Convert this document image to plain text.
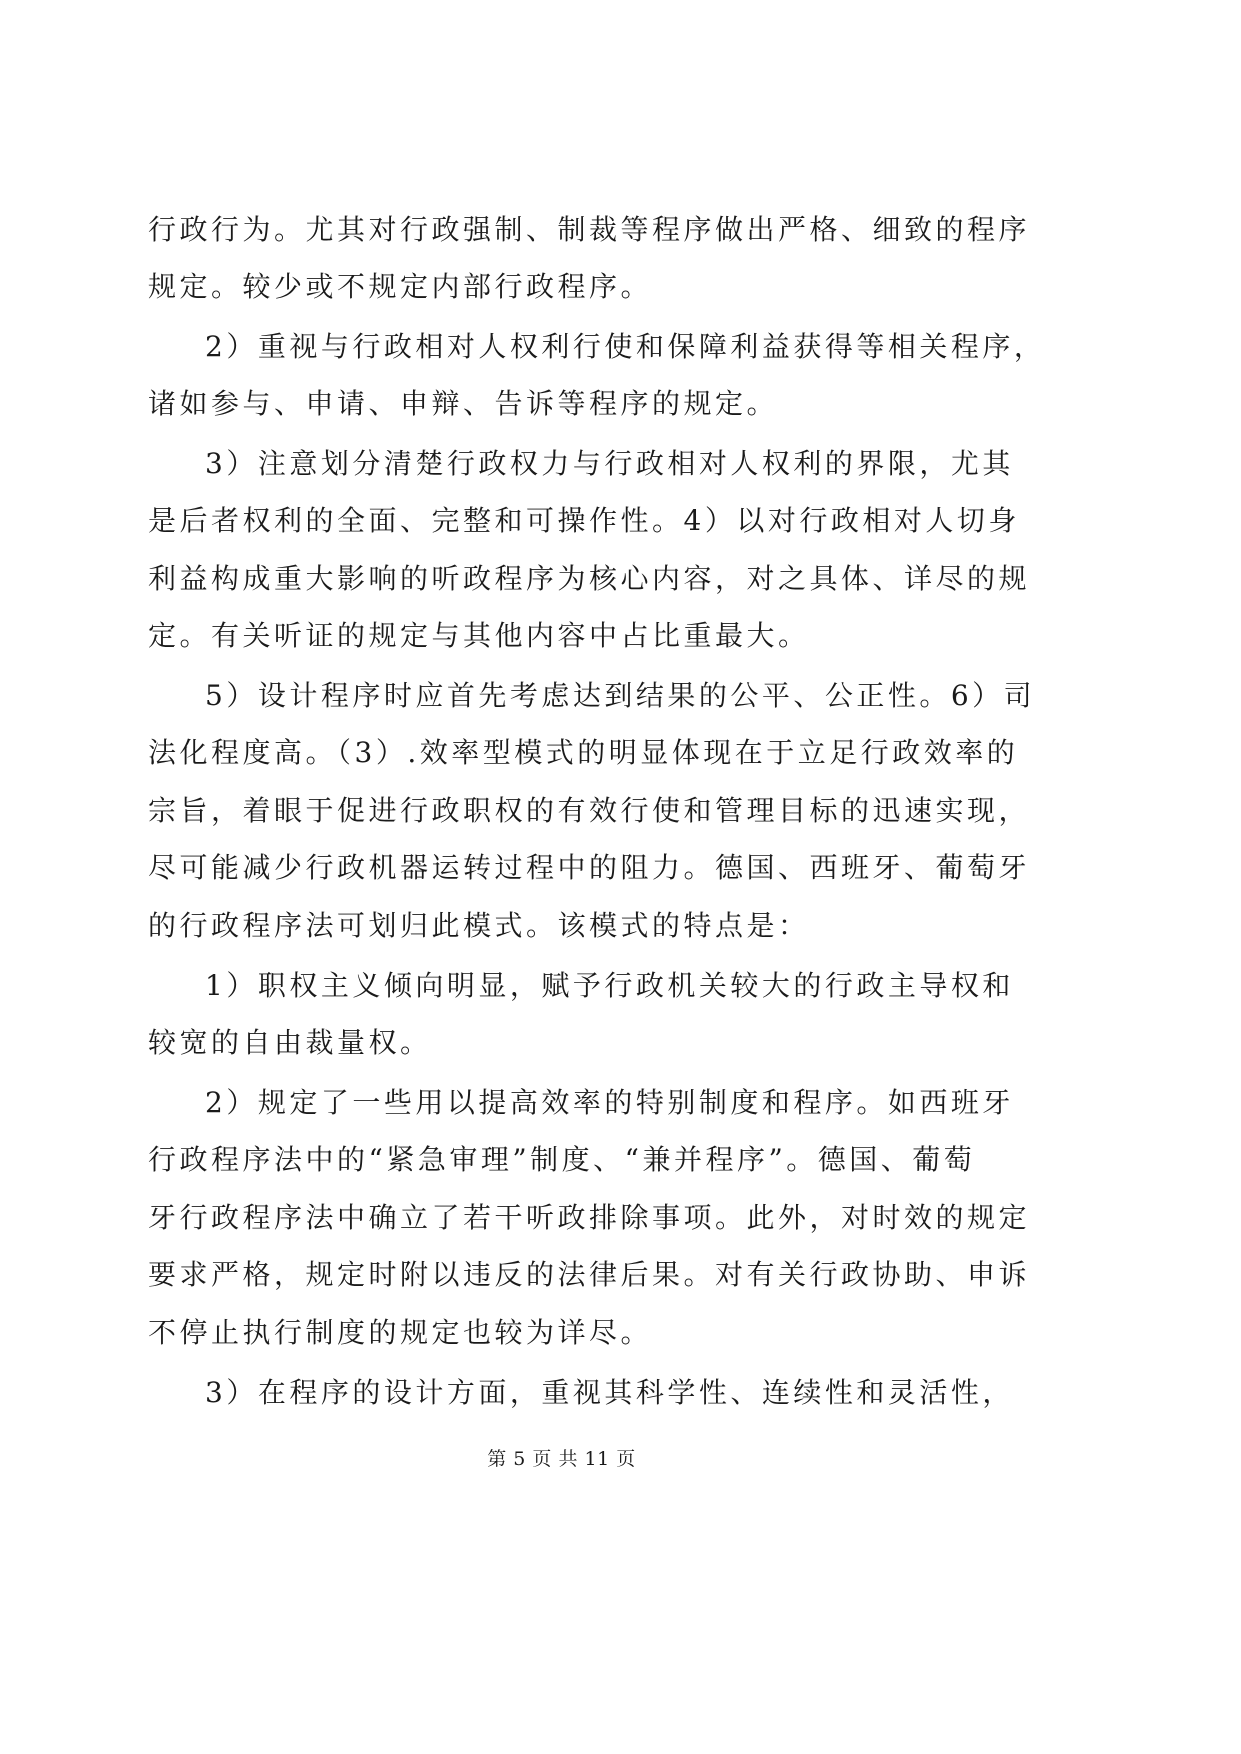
行政行为。尤其对行政强制、制裁等程序做出严格、细致的程序
规定。较少或不规定内部行政程序。
2）重视与行政相对人权利行使和保障利益获得等相关程序，
诸如参与、申请、申辩、告诉等程序的规定。
3）注意划分清楚行政权力与行政相对人权利的界限，尤其
是后者权利的全面、完整和可操作性。4）以对行政相对人切身
利益构成重大影响的听政程序为核心内容，对之具体、详尽的规
定。有关听证的规定与其他内容中占比重最大。
5）设计程序时应首先考虑达到结果的公平、公正性。6）司
法化程度高。（3）.效率型模式的明显体现在于立足行政效率的
宗旨，着眼于促进行政职权的有效行使和管理目标的迅速实现，
尽可能减少行政机器运转过程中的阻力。德国、西班牙、葡萄牙
的行政程序法可划归此模式。该模式的特点是：
1）职权主义倾向明显，赋予行政机关较大的行政主导权和
较宽的自由裁量权。
2）规定了一些用以提高效率的特别制度和程序。如西班牙
行政程序法中的“紧急审理”制度、“兼并程序”。德国、葡萄
牙行政程序法中确立了若干听政排除事项。此外，对时效的规定
要求严格，规定时附以违反的法律后果。对有关行政协助、申诉
不停止执行制度的规定也较为详尽。
3）在程序的设计方面，重视其科学性、连续性和灵活性，
第 5 页 共 11 页
